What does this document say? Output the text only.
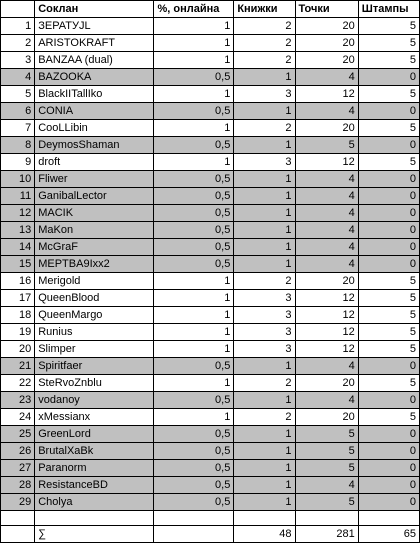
	Соклан	%, онлайна	Книжки	Точки	Штампы
1	ЗЕРАТУJL	1	2	20	5
2	ARISTOKRAFT	1	2	20	5
3	BANZAA (dual)	1	2	20	5
4	BAZOOKA	0,5	1	4	0
5	BlackIITallIko	1	3	12	5
6	CONIA	0,5	1	4	0
7	CooLLibin	1	2	20	5
8	DeymosShaman	0,5	1	5	0
9	droft	1	3	12	5
10	Fliwer	0,5	1	4	0
11	GanibalLector	0,5	1	4	0
12	MACIK	0,5	1	4	0
13	MaKon	0,5	1	4	0
14	McGraF	0,5	1	4	0
15	MEPTBA9Ixx2	0,5	1	4	0
16	Merigold	1	2	20	5
17	QueenBlood	1	3	12	5
18	QueenMargo	1	3	12	5
19	Runius	1	3	12	5
20	Slimper	1	3	12	5
21	Spiritfaer	0,5	1	4	0
22	SteRvoZnblu	1	2	20	5
23	vodanoy	0,5	1	4	0
24	xMessianx	1	2	20	5
25	GreenLord	0,5	1	5	0
26	BrutalXaBk	0,5	1	5	0
27	Paranorm	0,5	1	5	0
28	ResistanceBD	0,5	1	4	0
29	Cholya	0,5	1	5	0

	∑		48	281	65
